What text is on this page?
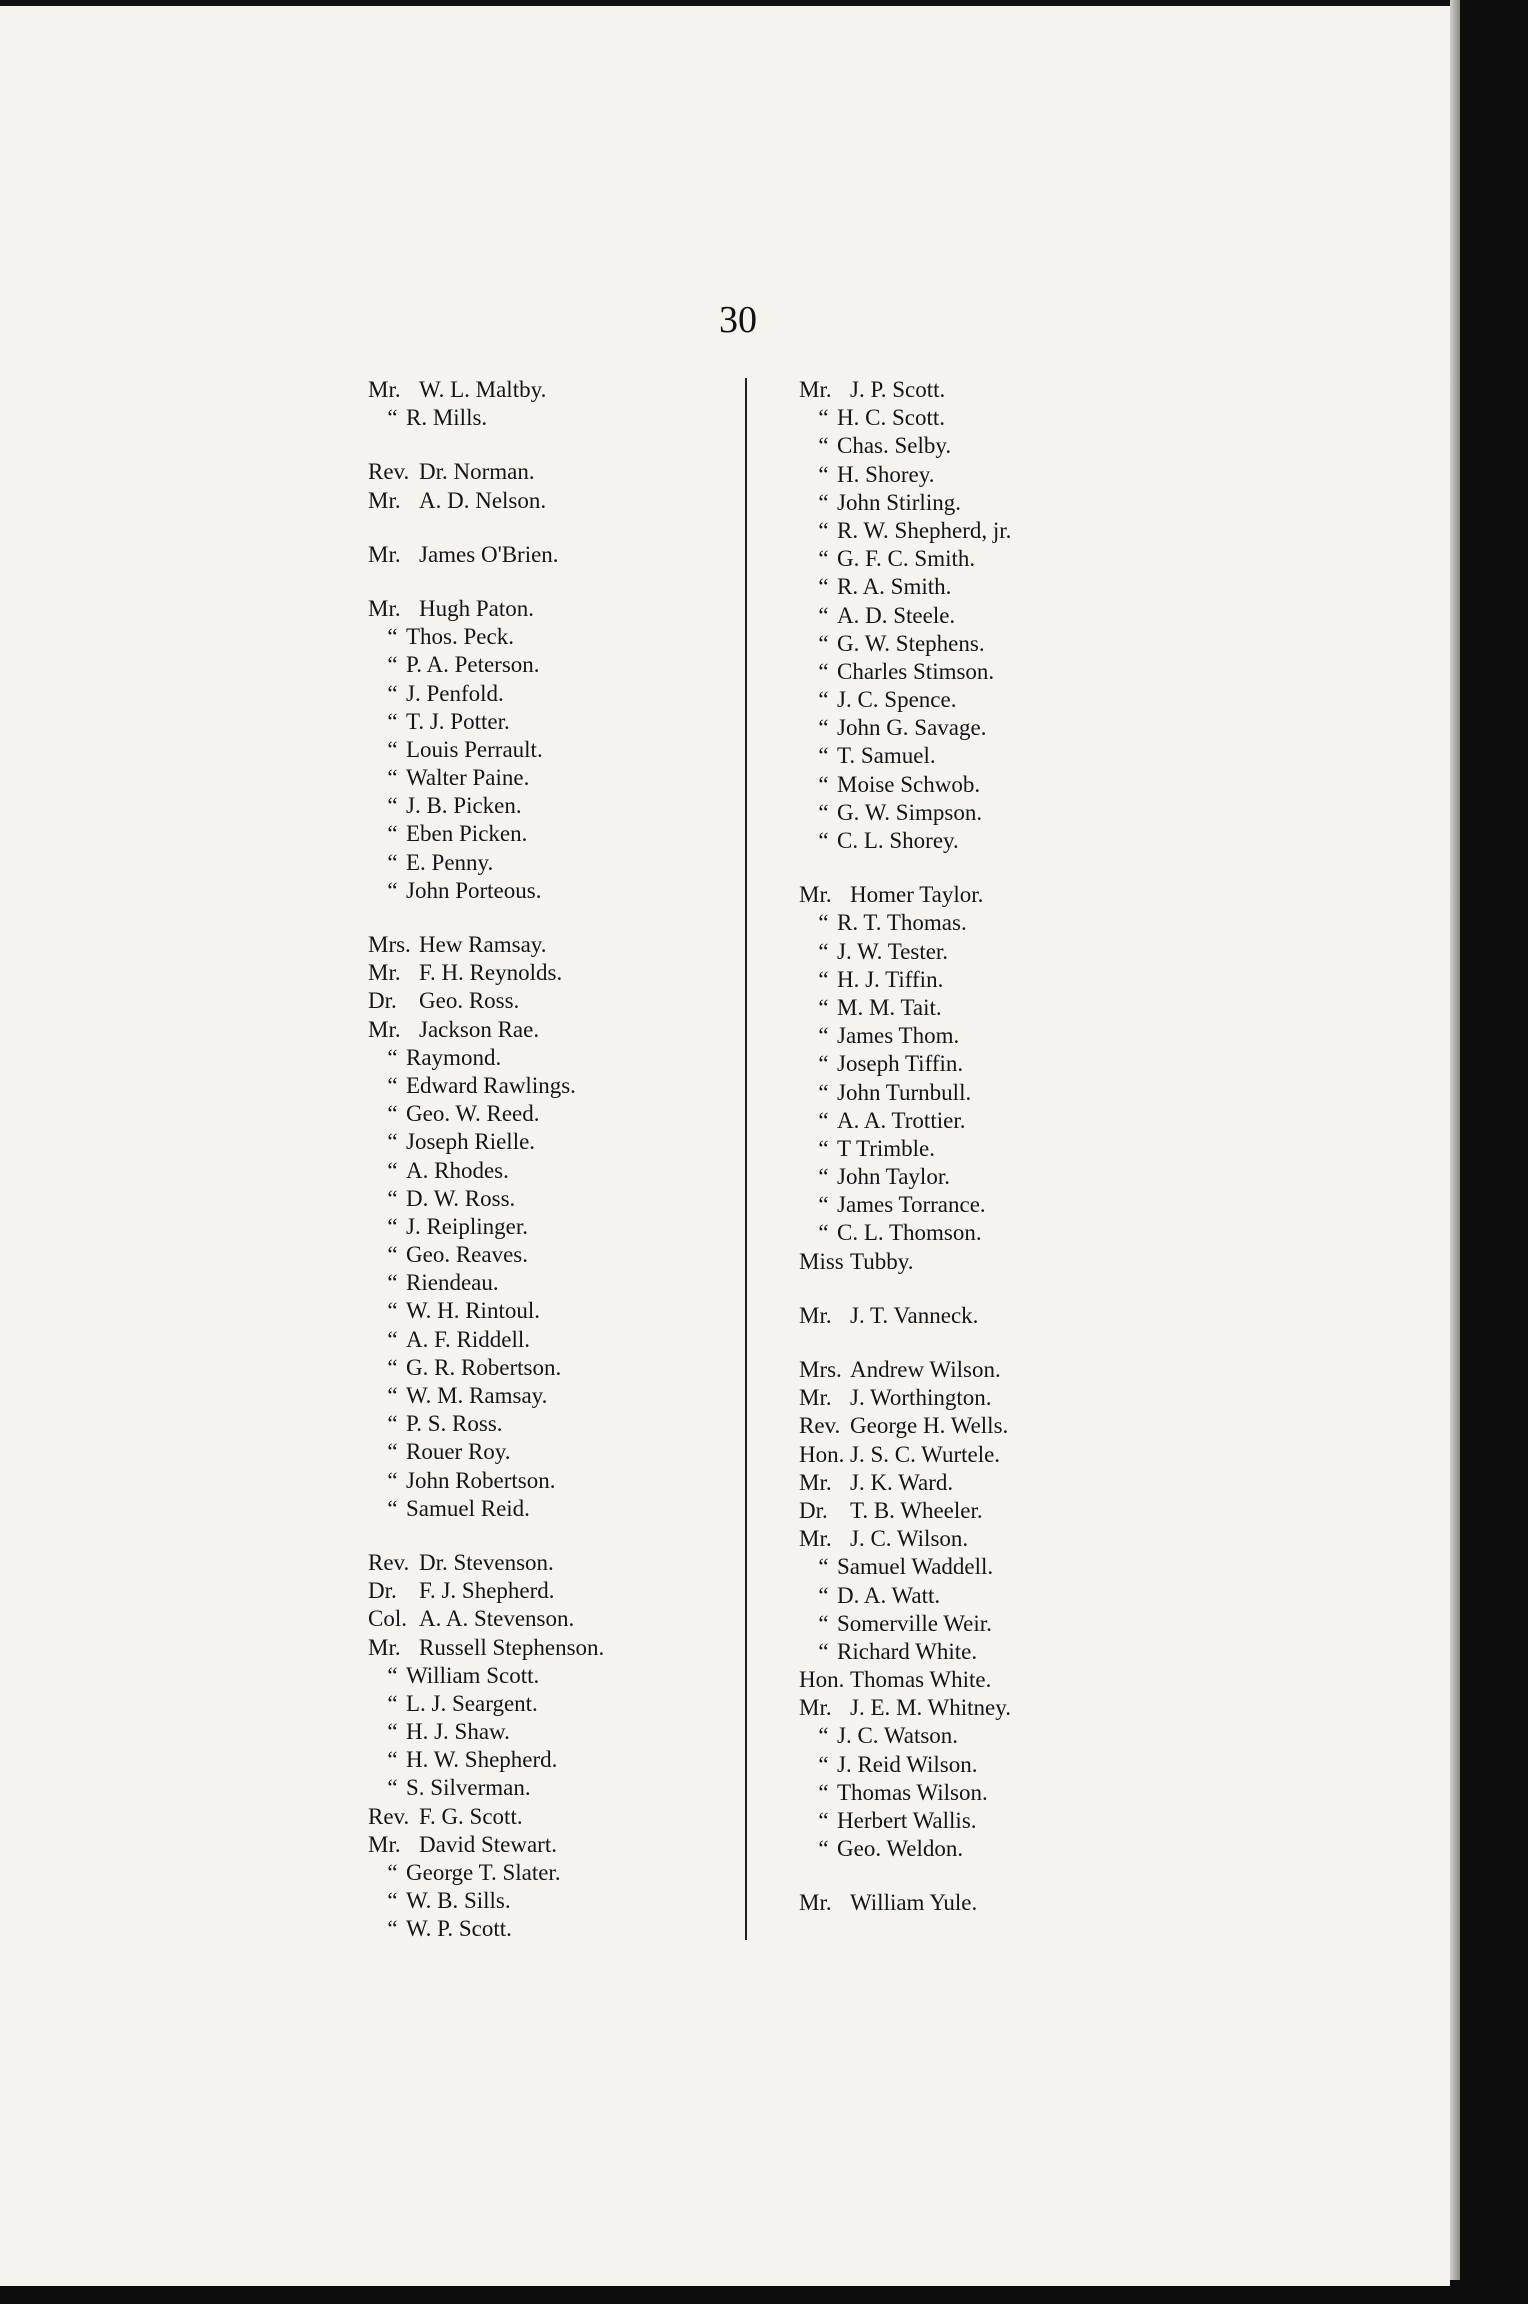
30
Mr. W. L. Maltby.
“ R. Mills.
Rev. Dr. Norman.
Mr. A. D. Nelson.
Mr. James O'Brien.
Mr. Hugh Paton.
“ Thos. Peck.
“ P. A. Peterson.
“ J. Penfold.
“ T. J. Potter.
“ Louis Perrault.
“ Walter Paine.
“ J. B. Picken.
“ Eben Picken.
“ E. Penny.
“ John Porteous.
Mrs. Hew Ramsay.
Mr. F. H. Reynolds.
Dr. Geo. Ross.
Mr. Jackson Rae.
“ Raymond.
“ Edward Rawlings.
“ Geo. W. Reed.
“ Joseph Rielle.
“ A. Rhodes.
“ D. W. Ross.
“ J. Reiplinger.
“ Geo. Reaves.
“ Riendeau.
“ W. H. Rintoul.
“ A. F. Riddell.
“ G. R. Robertson.
“ W. M. Ramsay.
“ P. S. Ross.
“ Rouer Roy.
“ John Robertson.
“ Samuel Reid.
Rev. Dr. Stevenson.
Dr. F. J. Shepherd.
Col. A. A. Stevenson.
Mr. Russell Stephenson.
“ William Scott.
“ L. J. Seargent.
“ H. J. Shaw.
“ H. W. Shepherd.
“ S. Silverman.
Rev. F. G. Scott.
Mr. David Stewart.
“ George T. Slater.
“ W. B. Sills.
“ W. P. Scott.
Mr. J. P. Scott.
“ H. C. Scott.
“ Chas. Selby.
“ H. Shorey.
“ John Stirling.
“ R. W. Shepherd, jr.
“ G. F. C. Smith.
“ R. A. Smith.
“ A. D. Steele.
“ G. W. Stephens.
“ Charles Stimson.
“ J. C. Spence.
“ John G. Savage.
“ T. Samuel.
“ Moise Schwob.
“ G. W. Simpson.
“ C. L. Shorey.
Mr. Homer Taylor.
“ R. T. Thomas.
“ J. W. Tester.
“ H. J. Tiffin.
“ M. M. Tait.
“ James Thom.
“ Joseph Tiffin.
“ John Turnbull.
“ A. A. Trottier.
“ T Trimble.
“ John Taylor.
“ James Torrance.
“ C. L. Thomson.
Miss Tubby.
Mr. J. T. Vanneck.
Mrs. Andrew Wilson.
Mr. J. Worthington.
Rev. George H. Wells.
Hon. J. S. C. Wurtele.
Mr. J. K. Ward.
Dr. T. B. Wheeler.
Mr. J. C. Wilson.
“ Samuel Waddell.
“ D. A. Watt.
“ Somerville Weir.
“ Richard White.
Hon. Thomas White.
Mr. J. E. M. Whitney.
“ J. C. Watson.
“ J. Reid Wilson.
“ Thomas Wilson.
“ Herbert Wallis.
“ Geo. Weldon.
Mr. William Yule.
